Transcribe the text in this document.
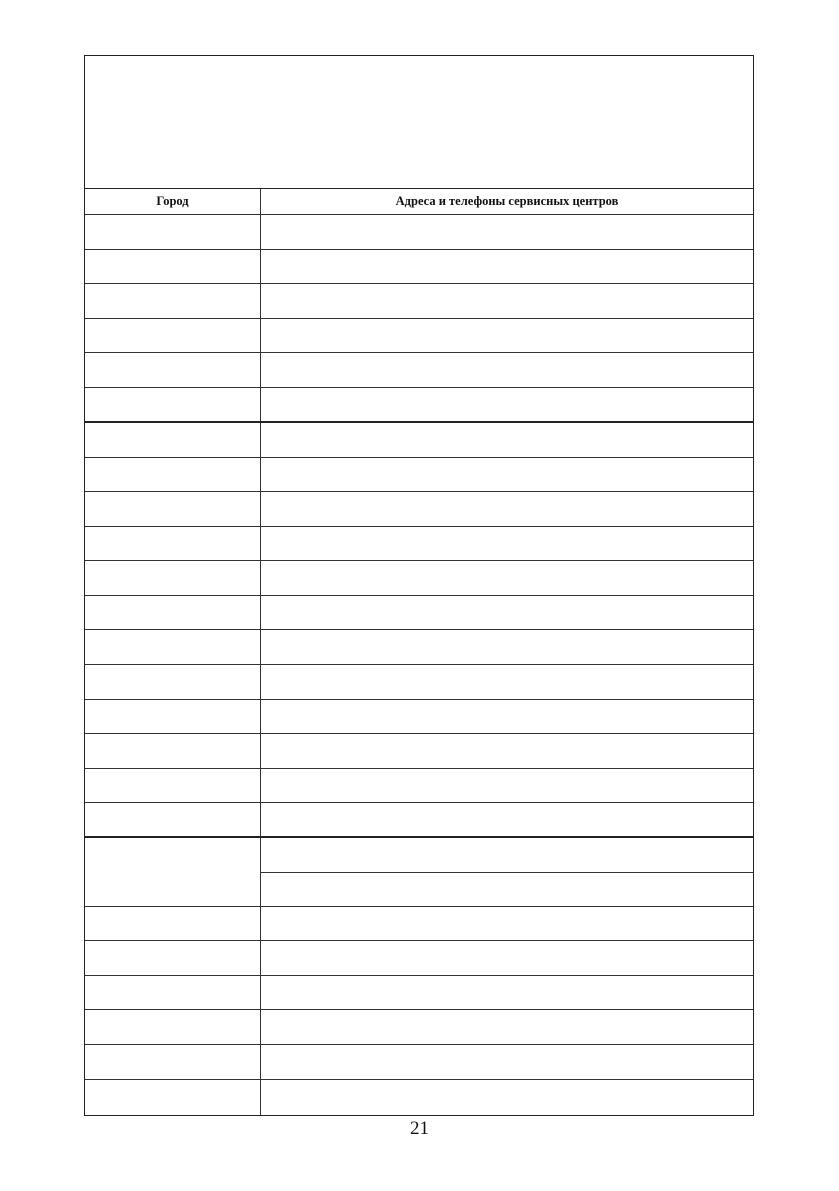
Город	Адреса и телефоны сервисных центров
21
